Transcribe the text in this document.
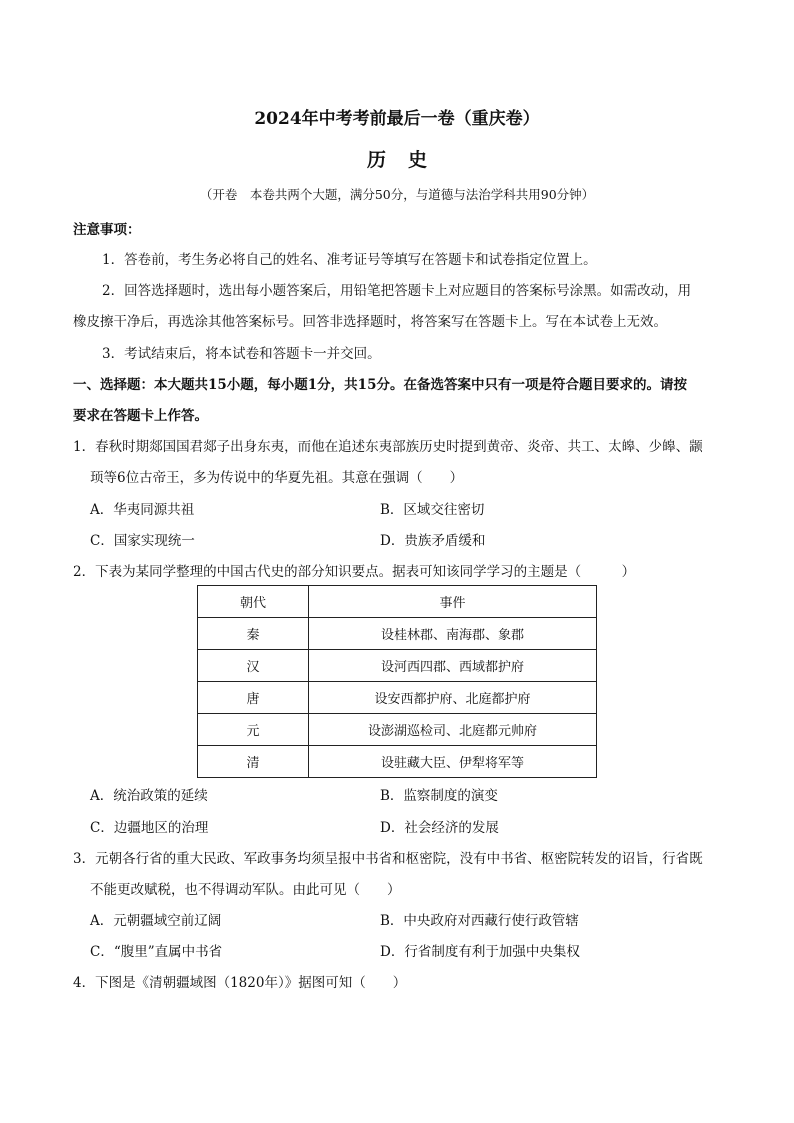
2024年中考考前最后一卷（重庆卷）
历史
（开卷　本卷共两个大题，满分50分，与道德与法治学科共用90分钟）
注意事项：
1．答卷前，考生务必将自己的姓名、准考证号等填写在答题卡和试卷指定位置上。
2．回答选择题时，选出每小题答案后，用铅笔把答题卡上对应题目的答案标号涂黑。如需改动，用
橡皮擦干净后，再选涂其他答案标号。回答非选择题时，将答案写在答题卡上。写在本试卷上无效。
3．考试结束后，将本试卷和答题卡一并交回。
一、选择题：本大题共15小题，每小题1分，共15分。在备选答案中只有一项是符合题目要求的。请按
要求在答题卡上作答。
1．春秋时期郯国国君郯子出身东夷，而他在追述东夷部族历史时提到黄帝、炎帝、共工、太皞、少皞、颛
顼等6位古帝王，多为传说中的华夏先祖。其意在强调（　　）
A．华夷同源共祖	B．区域交往密切
C．国家实现统一	D．贵族矛盾缓和
2．下表为某同学整理的中国古代史的部分知识要点。据表可知该同学学习的主题是（　　　）
朝代	事件
秦	设桂林郡、南海郡、象郡
汉	设河西四郡、西域都护府
唐	设安西都护府、北庭都护府
元	设澎湖巡检司、北庭都元帅府
清	设驻藏大臣、伊犁将军等
A．统治政策的延续	B．监察制度的演变
C．边疆地区的治理	D．社会经济的发展
3．元朝各行省的重大民政、军政事务均须呈报中书省和枢密院，没有中书省、枢密院转发的诏旨，行省既
不能更改赋税，也不得调动军队。由此可见（　　）
A．元朝疆域空前辽阔	B．中央政府对西藏行使行政管辖
C．“腹里”直属中书省	D．行省制度有利于加强中央集权
4．下图是《清朝疆域图（1820年）》据图可知（　　）
